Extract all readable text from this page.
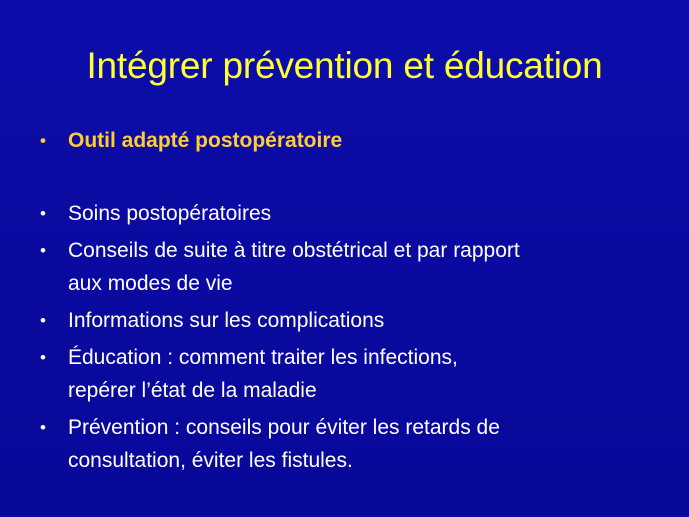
Intégrer prévention et éducation
• Outil adapté postopératoire
• Soins postopératoires
• Conseils de suite à titre obstétrical et par rapport
aux modes de vie
• Informations sur les complications
• Éducation : comment traiter les infections,
repérer l’état de la maladie
• Prévention : conseils pour éviter les retards de
consultation, éviter les fistules.
